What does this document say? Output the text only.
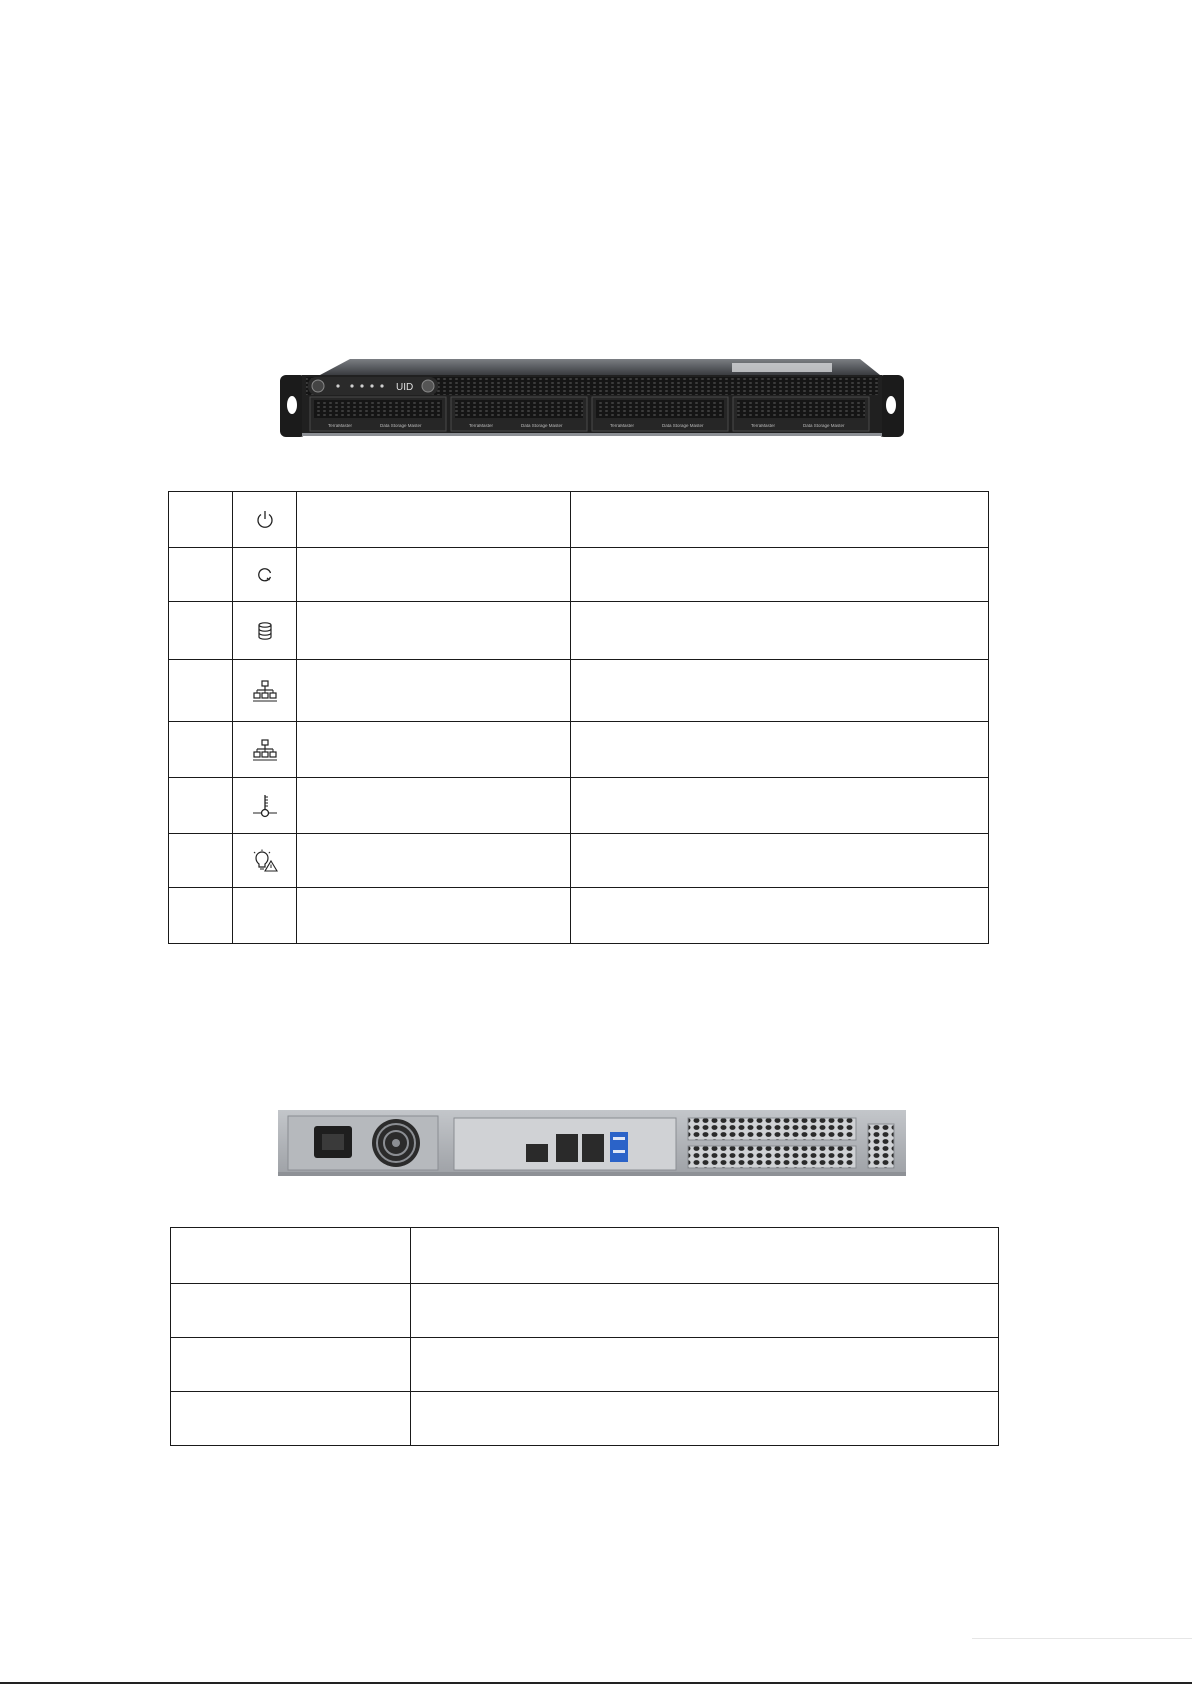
UID
TerraMaster	Data Storage Master	TerraMaster	Data Storage Master	TerraMaster	Data Storage Master	TerraMaster	Data Storage Master
